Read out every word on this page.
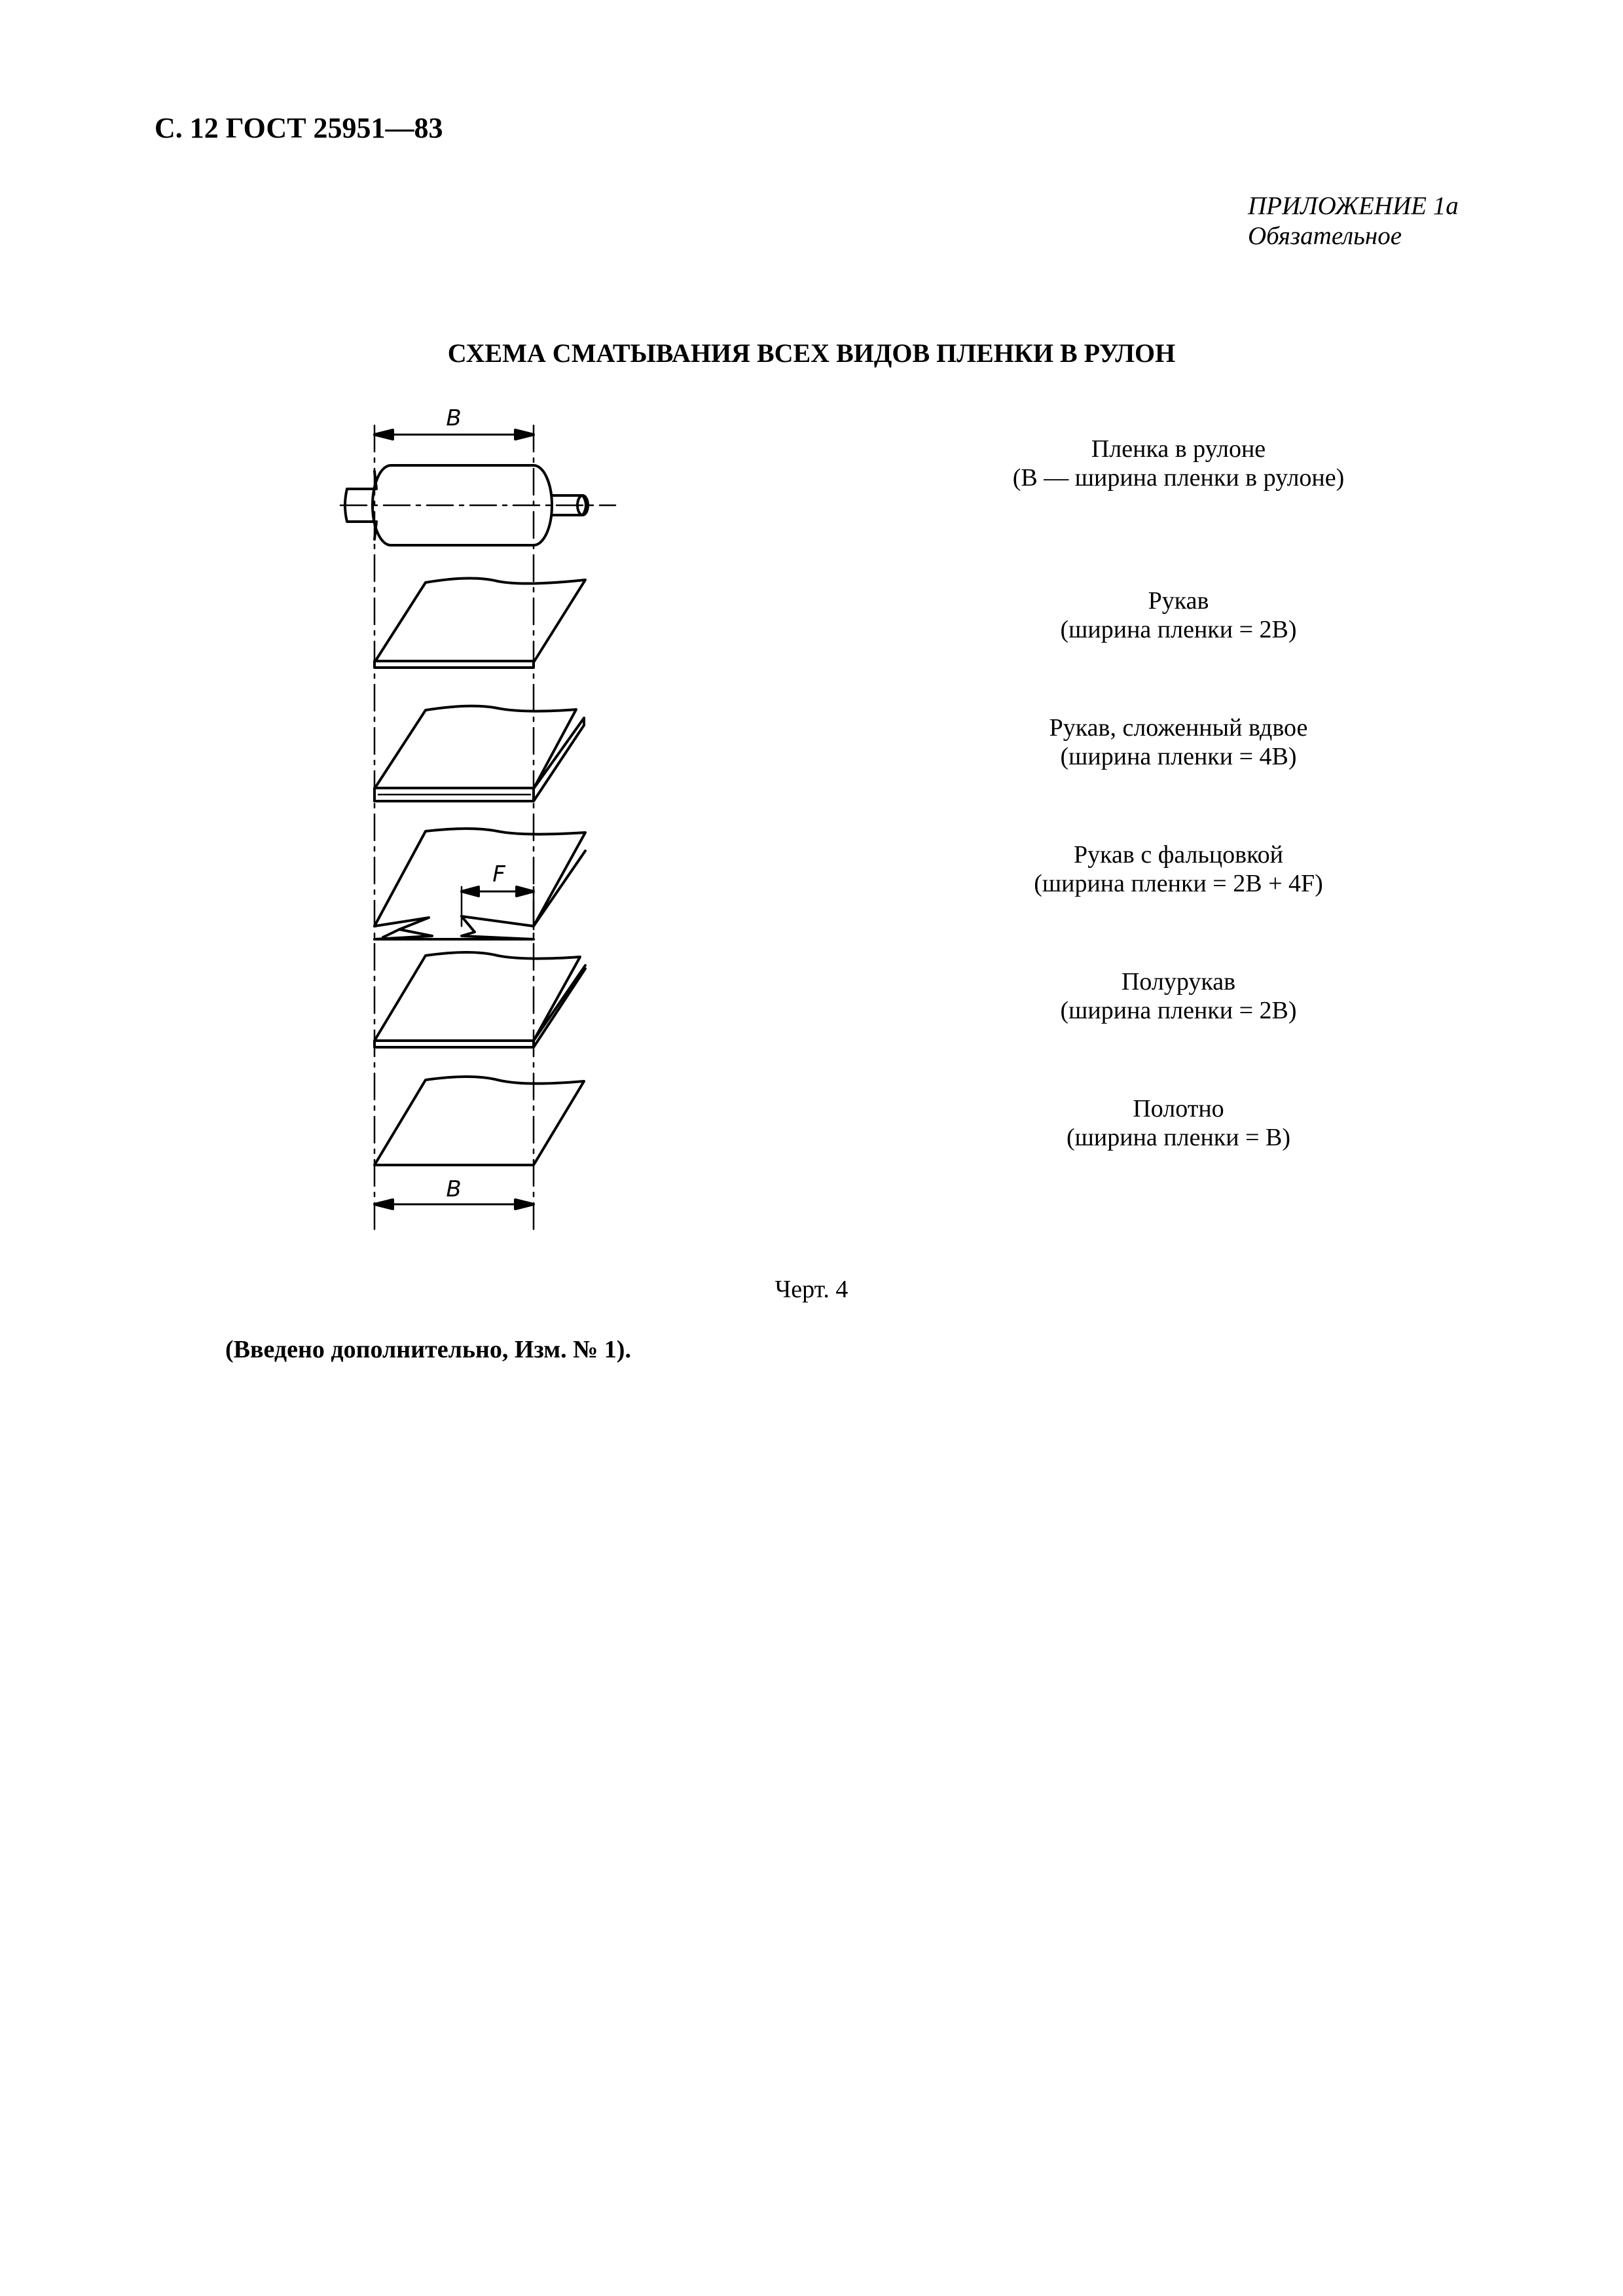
С. 12 ГОСТ 25951—83
ПРИЛОЖЕНИЕ 1а
Обязательное
СХЕМА СМАТЫВАНИЯ ВСЕХ ВИДОВ ПЛЕНКИ В РУЛОН
B
F
B
Пленка в рулоне
(B — ширина пленки в рулоне)
Рукав
(ширина пленки = 2B)
Рукав, сложенный вдвое
(ширина пленки = 4B)
Рукав с фальцовкой
(ширина пленки = 2B + 4F)
Полурукав
(ширина пленки = 2B)
Полотно
(ширина пленки = B)
Черт. 4
(Введено дополнительно, Изм. № 1).
